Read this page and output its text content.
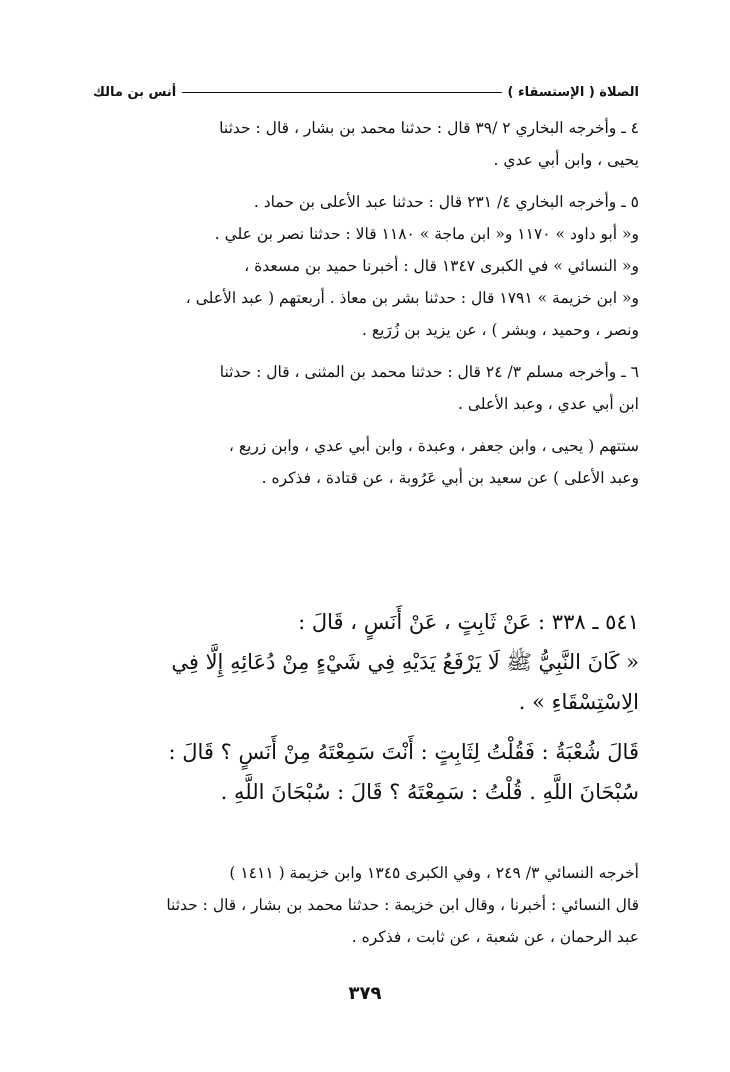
الصلاة ( الإستسقاء )
أنس بن مالك
٤ ـ وأخرجه البخاري ٢ /٣٩ قال : حدثنا محمد بن بشار ، قال : حدثنا
يحيى ، وابن أبي عدي .
٥ ـ وأخرجه البخاري ٤/ ٢٣١ قال : حدثنا عبد الأعلى بن حماد .
و« أبو داود » ١١٧٠ و« ابن ماجة » ١١٨٠ قالا : حدثنا نصر بن علي .
و« النسائي » في الكبرى ١٣٤٧ قال : أخبرنا حميد بن مسعدة ،
و« ابن خزيمة » ١٧٩١ قال : حدثنا بشر بن معاذ . أربعتهم ( عبد الأعلى ،
ونصر ، وحميد ، وبشر ) ، عن يزيد بن زُرَيع .
٦ ـ وأخرجه مسلم ٣/ ٢٤ قال : حدثنا محمد بن المثنى ، قال : حدثنا
ابن أبي عدي ، وعبد الأعلى .
ستتهم ( يحيى ، وابن جعفر ، وعبدة ، وابن أبي عدي ، وابن زريع ،
وعبد الأعلى ) عن سعيد بن أبي عَرُوبة ، عن قتادة ، فذكره .
٥٤١ ـ ٣٣٨ : عَنْ ثَابِتٍ ، عَنْ أَنَسٍ ، قَالَ :
« كَانَ النَّبِيُّ ﷺ لَا يَرْفَعُ يَدَيْهِ فِي شَيْءٍ مِنْ دُعَائِهِ إِلَّا فِي
الِاسْتِسْقَاءِ » .
قَالَ شُعْبَةُ : فَقُلْتُ لِثَابِتٍ : أَنْتَ سَمِعْتَهُ مِنْ أَنَسٍ ؟ قَالَ :
سُبْحَانَ اللَّهِ . قُلْتُ : سَمِعْتَهُ ؟ قَالَ : سُبْحَانَ اللَّهِ .
أخرجه النسائي ٣/ ٢٤٩ ، وفي الكبرى ١٣٤٥ وابن خزيمة ( ١٤١١ )
قال النسائي : أخبرنا ، وقال ابن خزيمة : حدثنا محمد بن بشار ، قال : حدثنا
عبد الرحمان ، عن شعبة ، عن ثابت ، فذكره .
٣٧٩
